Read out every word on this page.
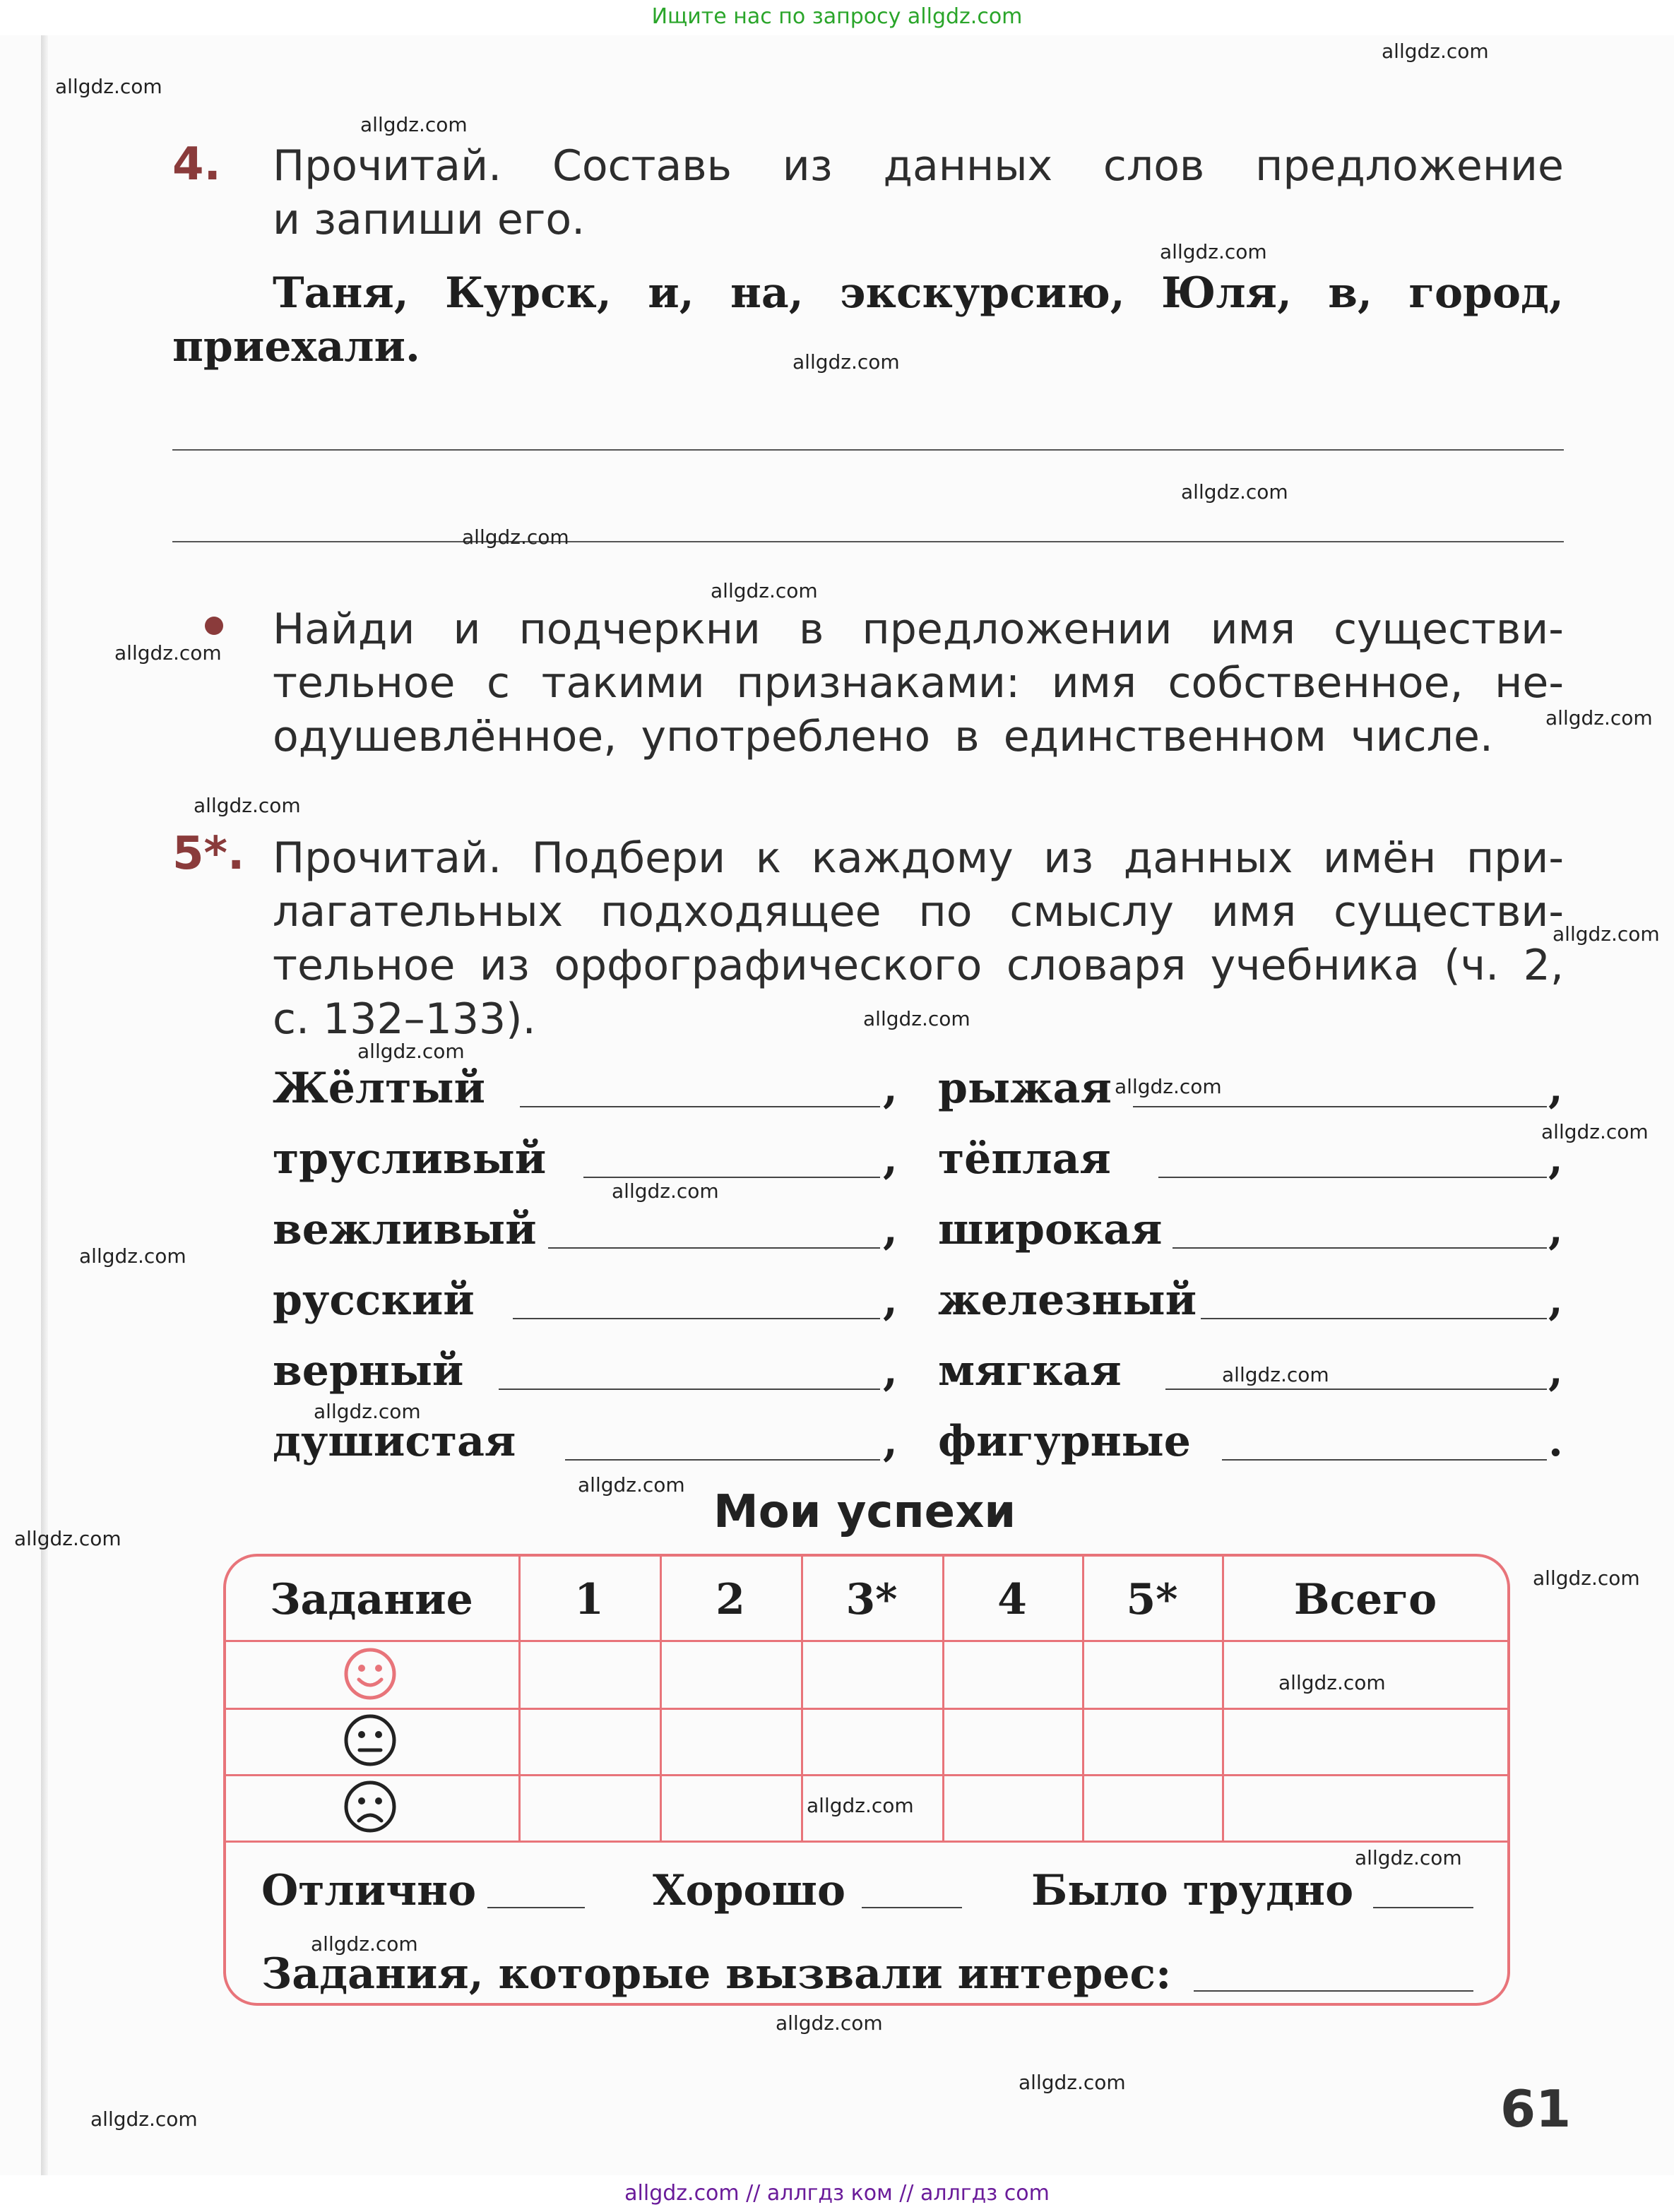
Ищите нас по запросу allgdz.com
allgdz.com // аллгдз ком // аллгдз com
4. Прочитай. Составь из данных слов предложение
и запиши его.
Таня, Курск, и, на, экскурсию, Юля, в, город,
приехали.
Найди и подчеркни в предложении имя существи-
тельное с такими признаками: имя собственное, не-
одушевлённое, употреблено в единственном числе.
5*. Прочитай. Подбери к каждому из данных имён при-
лагательных подходящее по смыслу имя существи-
тельное из орфографического словаря учебника (ч. 2,
с. 132–133).
Жёлтый	, рыжая	,
трусливый	, тёплая	,
вежливый	, широкая	,
русский	, железный	,
верный	, мягкая	,
душистая	, фигурные	.
Мои успехи
Задание	1	2	3*	4	5*	Всего
Отлично	Хорошо	Было трудно
Задания, которые вызвали интерес:
61
allgdz.com
allgdz.com
allgdz.com
allgdz.com
allgdz.com
allgdz.com
allgdz.com
allgdz.com
allgdz.com
allgdz.com
allgdz.com
allgdz.com
allgdz.com
allgdz.com
allgdz.com
allgdz.com
allgdz.com
allgdz.com
allgdz.com
allgdz.com
allgdz.com
allgdz.com
allgdz.com
allgdz.com
allgdz.com
allgdz.com
allgdz.com
allgdz.com
allgdz.com
allgdz.com
